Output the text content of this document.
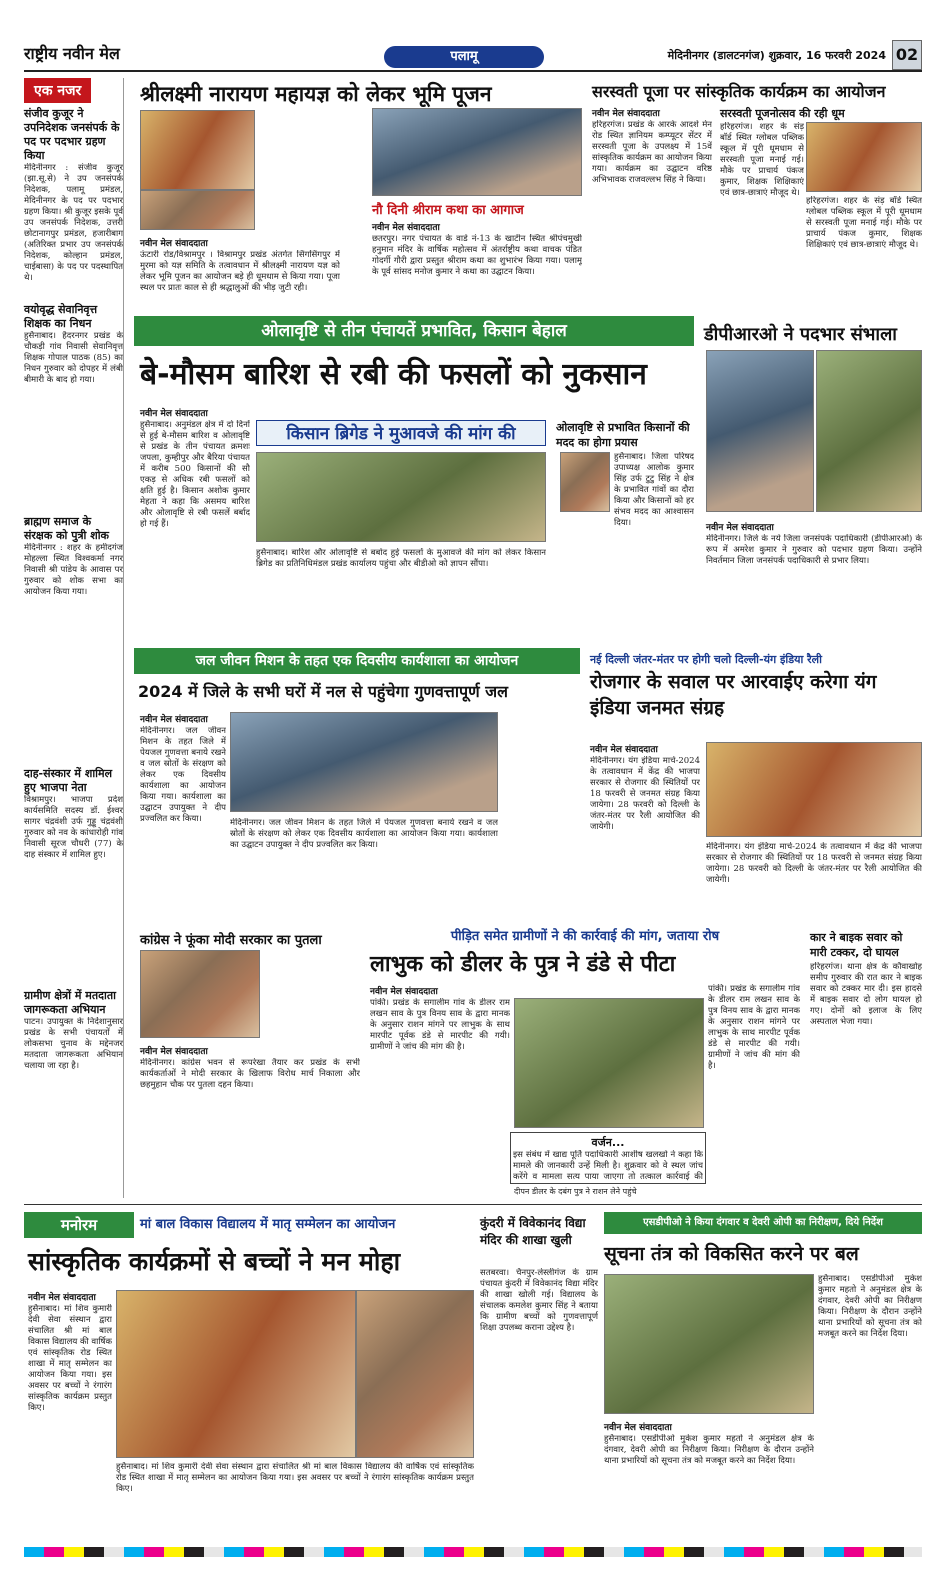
राष्ट्रीय नवीन मेल	पलामू	मेदिनीनगर (डालटनगंज) शुक्रवार, 16 फरवरी 2024 02
एक नजर
संजीव कुजूर ने उपनिदेशक जनसंपर्क के पद पर पदभार ग्रहण किया
मेदिनीनगर : संजीव कुजूर (झा.सू.से) ने उप जनसंपर्क निदेशक, पलामू प्रमंडल, मेदिनीनगर के पद पर पदभार ग्रहण किया। श्री कुजूर इसके पूर्व उप जनसंपर्क निदेशक, उत्तरी छोटानागपुर प्रमंडल, हजारीबाग (अतिरिक्त प्रभार उप जनसंपर्क निदेशक, कोल्हान प्रमंडल, चाईबासा) के पद पर पदस्थापित थे।
वयोवृद्ध सेवानिवृत्त शिक्षक का निधन
हुसैनाबाद। हैदरनगर प्रखंड के चौकड़ी गांव निवासी सेवानिवृत्त शिक्षक गोपाल पाठक (85) का निधन गुरुवार को दोपहर में लंबी बीमारी के बाद हो गया।
ब्राह्मण समाज के संरक्षक को पुत्री शोक
मेदिनीनगर : शहर के हमीदगंज मोहल्ला स्थित विश्वकर्मा नगर निवासी श्री पांडेय के आवास पर गुरुवार को शोक सभा का आयोजन किया गया।
दाह-संस्कार में शामिल हुए भाजपा नेता
विश्रामपुर। भाजपा प्रदेश कार्यसमिति सदस्य डॉ. ईश्वर सागर चंद्रवंशी उर्फ गुड्डू चंद्रवंशी गुरुवार को नव के कांधारोही गांव निवासी सूरज चौधरी (77) के दाह संस्कार में शामिल हुए।
ग्रामीण क्षेत्रों में मतदाता जागरूकता अभियान
पाटन। उपायुक्त के निर्देशानुसार प्रखंड के सभी पंचायतों में लोकसभा चुनाव के मद्देनजर मतदाता जागरूकता अभियान चलाया जा रहा है।
श्रीलक्ष्मी नारायण महायज्ञ को लेकर भूमि पूजन
नवीन मेल संवाददाता
ऊंटारी रोड/विश्रामपुर । विश्रामपुर प्रखंड अंतर्गत सिंगसिंगपुर में मुरमा को यज्ञ समिति के तत्वावधान में श्रीलक्ष्मी नारायण यज्ञ को लेकर भूमि पूजन का आयोजन बड़े ही धूमधाम से किया गया। पूजा स्थल पर प्रातः काल से ही श्रद्धालुओं की भीड़ जुटी रही।
नौ दिनी श्रीराम कथा का आगाज
नवीन मेल संवाददाता
छतरपुर। नगर पंचायत के वार्ड नं-13 के खाटीन स्थित श्रीपंचमुखी हनुमान मंदिर के वार्षिक महोत्सव में अंतर्राष्ट्रीय कथा वाचक पंडित गोदर्गी गौरी द्वारा प्रस्तुत श्रीराम कथा का शुभारंभ किया गया। पलामू के पूर्व सांसद मनोज कुमार ने कथा का उद्घाटन किया।
सरस्वती पूजा पर सांस्कृतिक कार्यक्रम का आयोजन
नवीन मेल संवाददाता
हरिहरगंज। प्रखंड के आरके आदर्श मेन रोड स्थित ज्ञानियम कम्प्यूटर सेंटर में सरस्वती पूजा के उपलक्ष्य में 15वें सांस्कृतिक कार्यक्रम का आयोजन किया गया। कार्यक्रम का उद्घाटन वरिष्ठ अभिभावक राजवल्लभ सिंह ने किया।
सरस्वती पूजनोत्सव की रही धूम
हरिहरगंज। शहर के संड़ बॉर्ड स्थित ग्लोबल पब्लिक स्कूल में पूरी धूमधाम से सरस्वती पूजा मनाई गई। मौके पर प्राचार्य पंकज कुमार, शिक्षक शिक्षिकाएं एवं छात्र-छात्राएं मौजूद थे।
हरिहरगंज। शहर के संड़ बॉर्ड स्थित ग्लोबल पब्लिक स्कूल में पूरी धूमधाम से सरस्वती पूजा मनाई गई। मौके पर प्राचार्य पंकज कुमार, शिक्षक शिक्षिकाएं एवं छात्र-छात्राएं मौजूद थे।
ओलावृष्टि से तीन पंचायतें प्रभावित, किसान बेहाल
बे-मौसम बारिश से रबी की फसलों को नुकसान
नवीन मेल संवाददाता
हुसैनाबाद। अनुमंडल क्षेत्र में दो दिनों से हुई बे-मौसम बारिश व ओलावृष्टि से प्रखंड के तीन पंचायत क्रमशः जपला, कुम्हीपुर और बैरिया पंचायत में करीब 500 किसानों की सौ एकड़ से अधिक रबी फसलों को क्षति हुई है। किसान अशोक कुमार मेहता ने कहा कि असमय बारिश और ओलावृष्टि से रबी फसलें बर्बाद हो गई हैं।
किसान ब्रिगेड ने मुआवजे की मांग की
हुसैनाबाद। बारिश और ओलावृष्टि से बर्बाद हुई फसलों के मुआवजे की मांग को लेकर किसान ब्रिगेड का प्रतिनिधिमंडल प्रखंड कार्यालय पहुंचा और बीडीओ को ज्ञापन सौंपा।
ओलावृष्टि से प्रभावित किसानों की मदद का होगा प्रयास
हुसैनाबाद। जिला परिषद उपाध्यक्ष आलोक कुमार सिंह उर्फ टुटु सिंह ने क्षेत्र के प्रभावित गांवों का दौरा किया और किसानों को हर संभव मदद का आश्वासन दिया।
डीपीआरओ ने पदभार संभाला
नवीन मेल संवाददाता
मेदिनीनगर। जिले के नये जिला जनसंपर्क पदाधिकारी (डीपीआरओ) के रूप में अमरेश कुमार ने गुरुवार को पदभार ग्रहण किया। उन्होंने निवर्तमान जिला जनसंपर्क पदाधिकारी से प्रभार लिया।
जल जीवन मिशन के तहत एक दिवसीय कार्यशाला का आयोजन
2024 में जिले के सभी घरों में नल से पहुंचेगा गुणवत्तापूर्ण जल
नवीन मेल संवाददाता
मेदिनीनगर। जल जीवन मिशन के तहत जिले में पेयजल गुणवत्ता बनाये रखने व जल स्रोतों के संरक्षण को लेकर एक दिवसीय कार्यशाला का आयोजन किया गया। कार्यशाला का उद्घाटन उपायुक्त ने दीप प्रज्वलित कर किया।	मेदिनीनगर। जल जीवन मिशन के तहत जिले में पेयजल गुणवत्ता बनाये रखने व जल स्रोतों के संरक्षण को लेकर एक दिवसीय कार्यशाला का आयोजन किया गया। कार्यशाला का उद्घाटन उपायुक्त ने दीप प्रज्वलित कर किया।
नई दिल्ली जंतर-मंतर पर होगी चलो दिल्ली-यंग इंडिया रैली
रोजगार के सवाल पर आरवाईए करेगा यंग इंडिया जनमत संग्रह
नवीन मेल संवाददाता
मेदिनीनगर। यंग इंडिया मार्च-2024 के तत्वावधान में केंद्र की भाजपा सरकार से रोजगार की स्थितियों पर 18 फरवरी से जनमत संग्रह किया जायेगा। 28 फरवरी को दिल्ली के जंतर-मंतर पर रैली आयोजित की जायेगी।
मेदिनीनगर। यंग इंडिया मार्च-2024 के तत्वावधान में केंद्र की भाजपा सरकार से रोजगार की स्थितियों पर 18 फरवरी से जनमत संग्रह किया जायेगा। 28 फरवरी को दिल्ली के जंतर-मंतर पर रैली आयोजित की जायेगी।
कांग्रेस ने फूंका मोदी सरकार का पुतला
नवीन मेल संवाददाता
मेदिनीनगर। कांग्रेस भवन से रूपरेखा तैयार कर प्रखंड के सभी कार्यकर्ताओं ने मोदी सरकार के खिलाफ विरोध मार्च निकाला और छहमुहान चौक पर पुतला दहन किया।
पीड़ित समेत ग्रामीणों ने की कार्रवाई की मांग, जताया रोष
लाभुक को डीलर के पुत्र ने डंडे से पीटा
नवीन मेल संवाददाता
पांकी। प्रखंड के सगालीम गांव के डीलर राम लखन साव के पुत्र विनय साव के द्वारा मानक के अनुसार राशन मांगने पर लाभुक के साथ मारपीट पूर्वक डंडे से मारपीट की गयी। ग्रामीणों ने जांच की मांग की है।
पांकी। प्रखंड के सगालीम गांव के डीलर राम लखन साव के पुत्र विनय साव के द्वारा मानक के अनुसार राशन मांगने पर लाभुक के साथ मारपीट पूर्वक डंडे से मारपीट की गयी। ग्रामीणों ने जांच की मांग की है।
वर्जन...
इस संबंध में खाद्य पूर्ति पदाधिकारी आशीष खलखो ने कहा कि मामले की जानकारी उन्हें मिली है। शुक्रवार को वे स्थल जांच करेंगे व मामला सत्य पाया जाएगा तो तत्काल कार्रवाई की
दीपन डीलर के दबंग पुत्र ने राशन लेने पहुंचे
कार ने बाइक सवार को मारी टक्कर, दो घायल
हरिहरगंज। थाना क्षेत्र के कौवाखोह समीप गुरुवार की रात कार ने बाइक सवार को टक्कर मार दी। इस हादसे में बाइक सवार दो लोग घायल हो गए। दोनों को इलाज के लिए अस्पताल भेजा गया।
मनोरम	मां बाल विकास विद्यालय में मातृ सम्मेलन का आयोजन
सांस्कृतिक कार्यक्रमों से बच्चों ने मन मोहा
नवीन मेल संवाददाता
हुसैनाबाद। मां शिव कुमारी देवी सेवा संस्थान द्वारा संचालित श्री मां बाल विकास विद्यालय की वार्षिक एवं सांस्कृतिक रोड स्थित शाखा में मातृ सम्मेलन का आयोजन किया गया। इस अवसर पर बच्चों ने रंगारंग सांस्कृतिक कार्यक्रम प्रस्तुत किए।
हुसैनाबाद। मां शिव कुमारी देवी सेवा संस्थान द्वारा संचालित श्री मां बाल विकास विद्यालय की वार्षिक एवं सांस्कृतिक रोड स्थित शाखा में मातृ सम्मेलन का आयोजन किया गया। इस अवसर पर बच्चों ने रंगारंग सांस्कृतिक कार्यक्रम प्रस्तुत किए।
कुंदरी में विवेकानंद विद्या मंदिर की शाखा खुली
सतबरवा। चैनपुर-लेस्लीगंज के ग्राम पंचायत कुंदरी में विवेकानंद विद्या मंदिर की शाखा खोली गई। विद्यालय के संचालक कमलेश कुमार सिंह ने बताया कि ग्रामीण बच्चों को गुणवत्तापूर्ण शिक्षा उपलब्ध कराना उद्देश्य है।
एसडीपीओ ने किया दंगवार व देवरी ओपी का निरीक्षण, दिये निर्देश
सूचना तंत्र को विकसित करने पर बल
नवीन मेल संवाददाता
हुसैनाबाद। एसडीपीओ मुकेश कुमार महतो ने अनुमंडल क्षेत्र के दंगवार, देवरी ओपी का निरीक्षण किया। निरीक्षण के दौरान उन्होंने थाना प्रभारियों को सूचना तंत्र को मजबूत करने का निर्देश दिया।
हुसैनाबाद। एसडीपीओ मुकेश कुमार महतो ने अनुमंडल क्षेत्र के दंगवार, देवरी ओपी का निरीक्षण किया। निरीक्षण के दौरान उन्होंने थाना प्रभारियों को सूचना तंत्र को मजबूत करने का निर्देश दिया।
